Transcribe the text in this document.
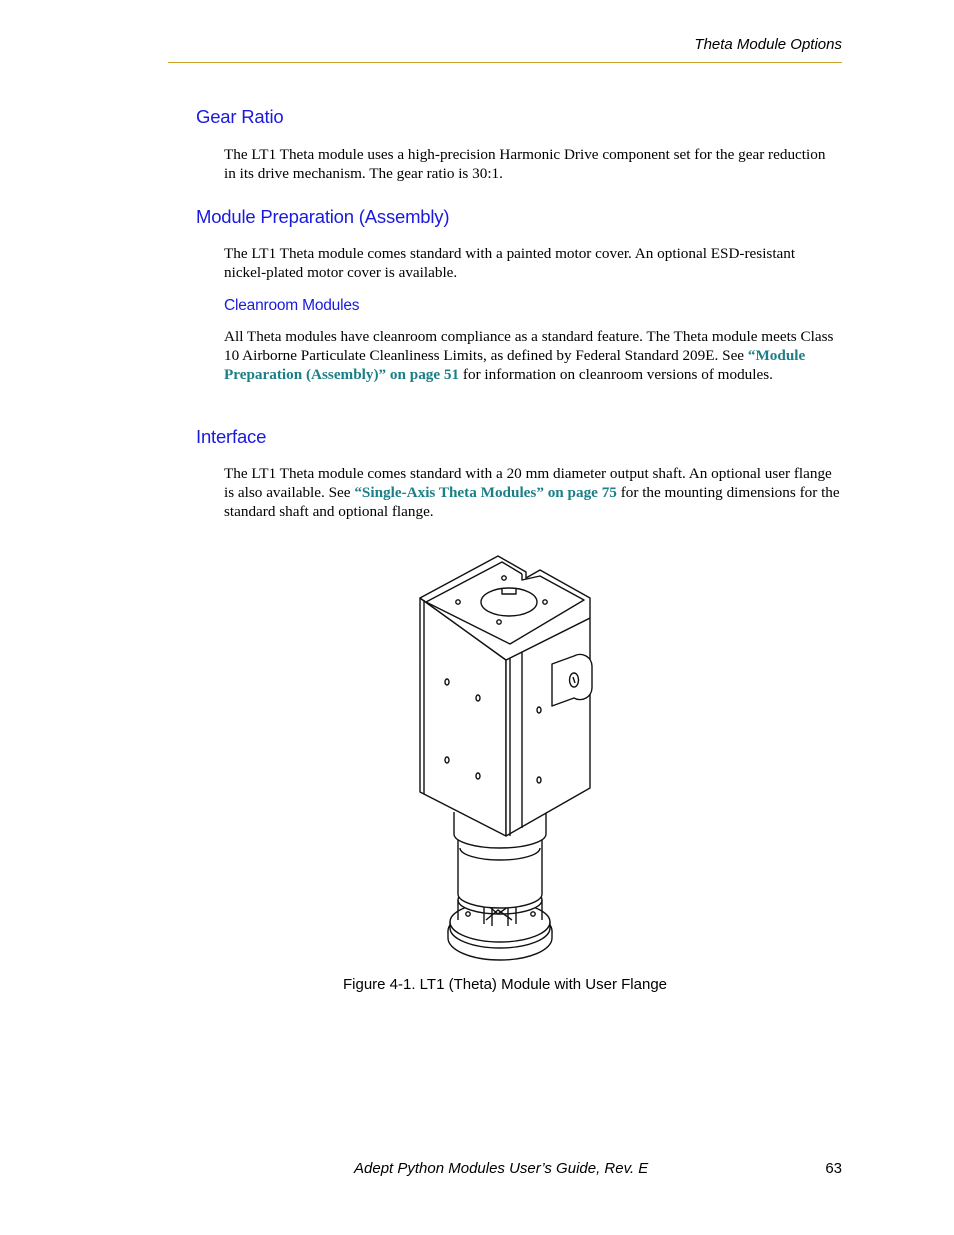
Theta Module Options
Gear Ratio

The LT1 Theta module uses a high-precision Harmonic Drive component set for the gear reduction in its drive mechanism. The gear ratio is 30:1.

Module Preparation (Assembly)

The LT1 Theta module comes standard with a painted motor cover. An optional ESD-resistant nickel-plated motor cover is available.

Cleanroom Modules

All Theta modules have cleanroom compliance as a standard feature. The Theta module meets Class 10 Airborne Particulate Cleanliness Limits, as defined by Federal Standard 209E. See “Module Preparation (Assembly)” on page 51 for information on cleanroom versions of modules.

Interface

The LT1 Theta module comes standard with a 20 mm diameter output shaft. An optional user flange is also available. See “Single-Axis Theta Modules” on page 75 for the mounting dimensions for the standard shaft and optional flange.

Figure 4-1. LT1 (Theta) Module with User Flange
Adept Python Modules User’s Guide, Rev. E	63
